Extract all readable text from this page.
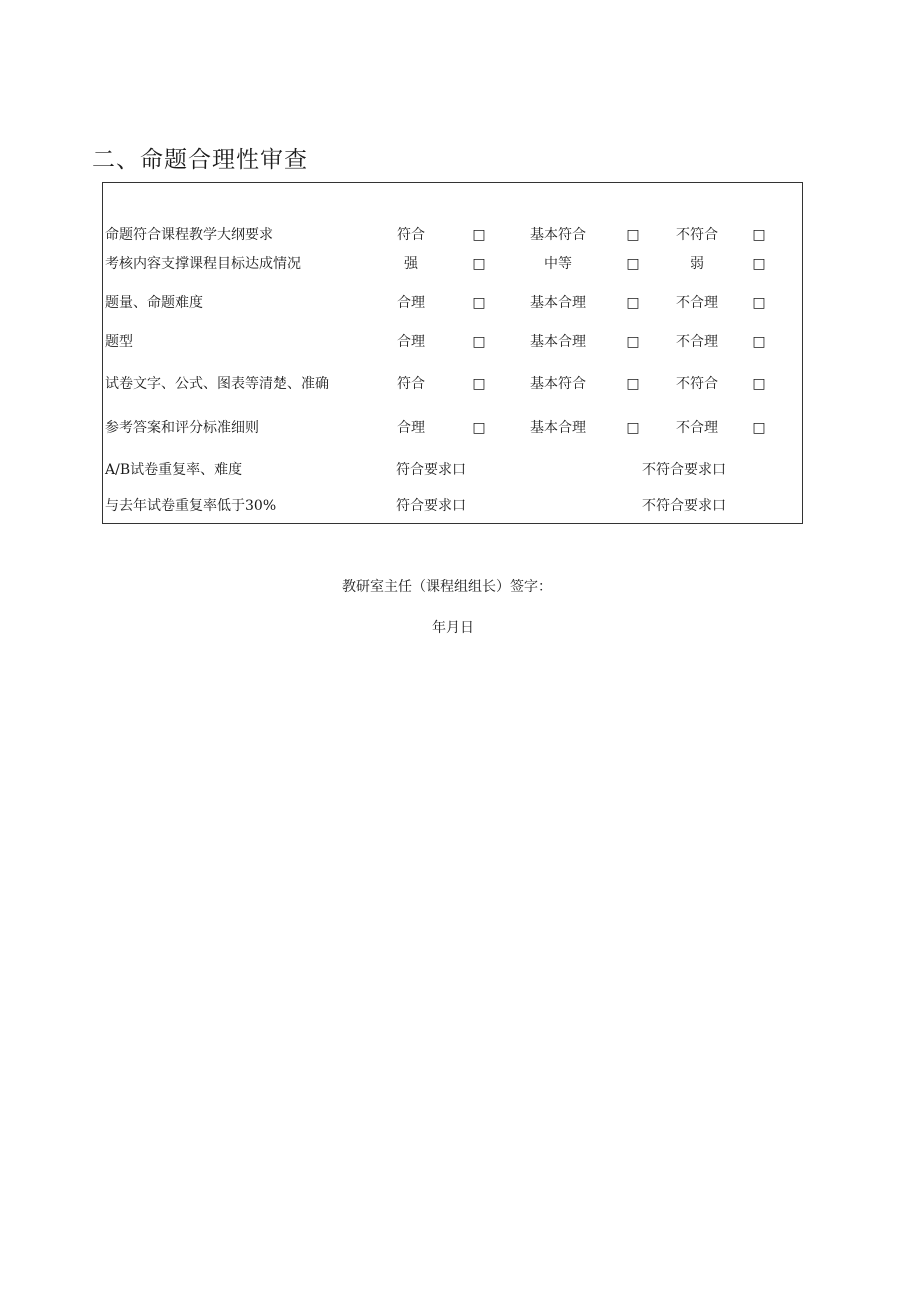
二、命题合理性审查
命题符合课程教学大纲要求	符合	□	基本符合	□	不符合	□
考核内容支撑课程目标达成情况	强	□	中等	□	弱	□
题量、命题难度	合理	□	基本合理	□	不合理	□
题型	合理	□	基本合理	□	不合理	□
试卷文字、公式、图表等清楚、准确	符合	□	基本符合	□	不符合	□
参考答案和评分标准细则	合理	□	基本合理	□	不合理	□
A/B试卷重复率、难度	符合要求口	不符合要求口
与去年试卷重复率低于30%	符合要求口	不符合要求口
教研室主任（课程组组长）签字：
年月日
